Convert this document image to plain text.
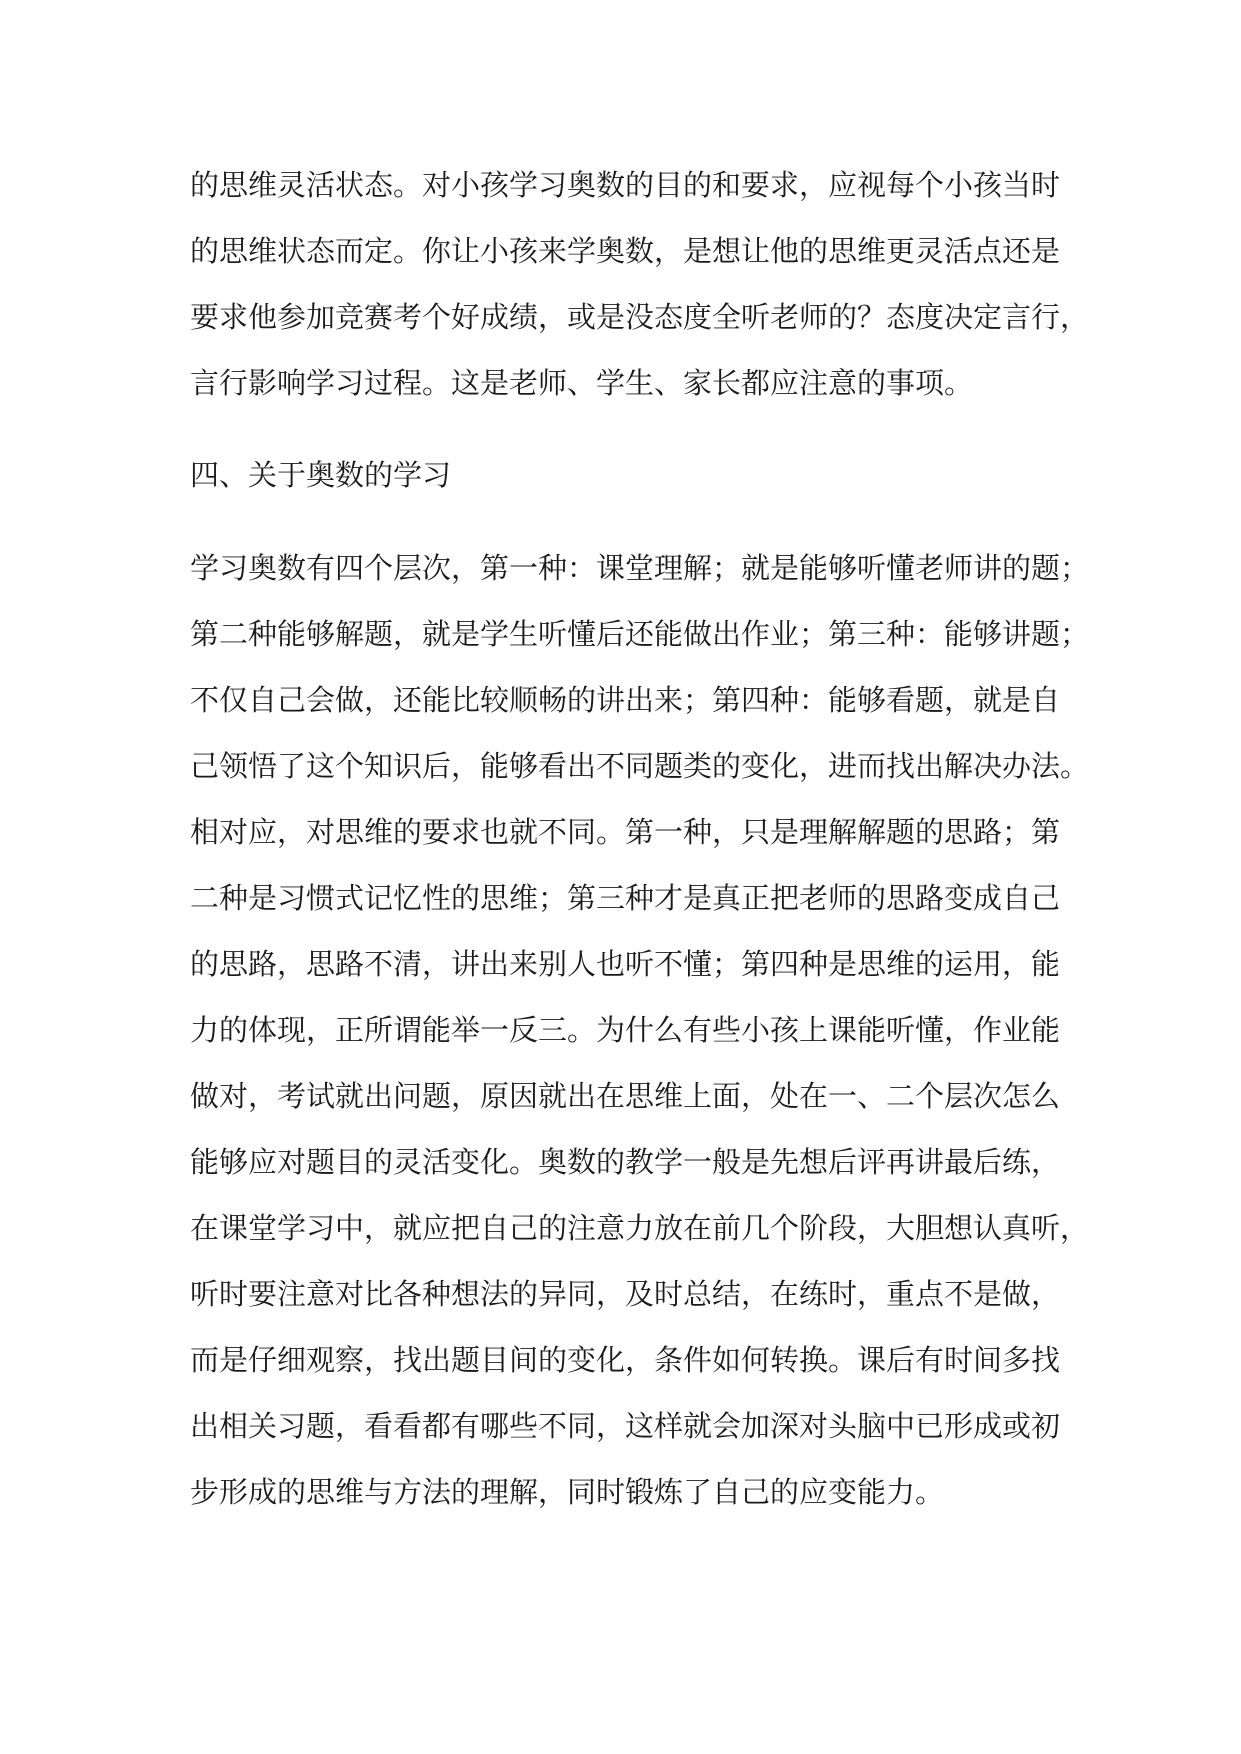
的思维灵活状态。对小孩学习奥数的目的和要求，应视每个小孩当时
的思维状态而定。你让小孩来学奥数，是想让他的思维更灵活点还是
要求他参加竞赛考个好成绩，或是没态度全听老师的？态度决定言行，
言行影响学习过程。这是老师、学生、家长都应注意的事项。
四、关于奥数的学习
学习奥数有四个层次，第一种：课堂理解；就是能够听懂老师讲的题；
第二种能够解题，就是学生听懂后还能做出作业；第三种：能够讲题；
不仅自己会做，还能比较顺畅的讲出来；第四种：能够看题，就是自
己领悟了这个知识后，能够看出不同题类的变化，进而找出解决办法。
相对应，对思维的要求也就不同。第一种，只是理解解题的思路；第
二种是习惯式记忆性的思维；第三种才是真正把老师的思路变成自己
的思路，思路不清，讲出来别人也听不懂；第四种是思维的运用，能
力的体现，正所谓能举一反三。为什么有些小孩上课能听懂，作业能
做对，考试就出问题，原因就出在思维上面，处在一、二个层次怎么
能够应对题目的灵活变化。奥数的教学一般是先想后评再讲最后练，
在课堂学习中，就应把自己的注意力放在前几个阶段，大胆想认真听，
听时要注意对比各种想法的异同，及时总结，在练时，重点不是做，
而是仔细观察，找出题目间的变化，条件如何转换。课后有时间多找
出相关习题，看看都有哪些不同，这样就会加深对头脑中已形成或初
步形成的思维与方法的理解，同时锻炼了自己的应变能力。
